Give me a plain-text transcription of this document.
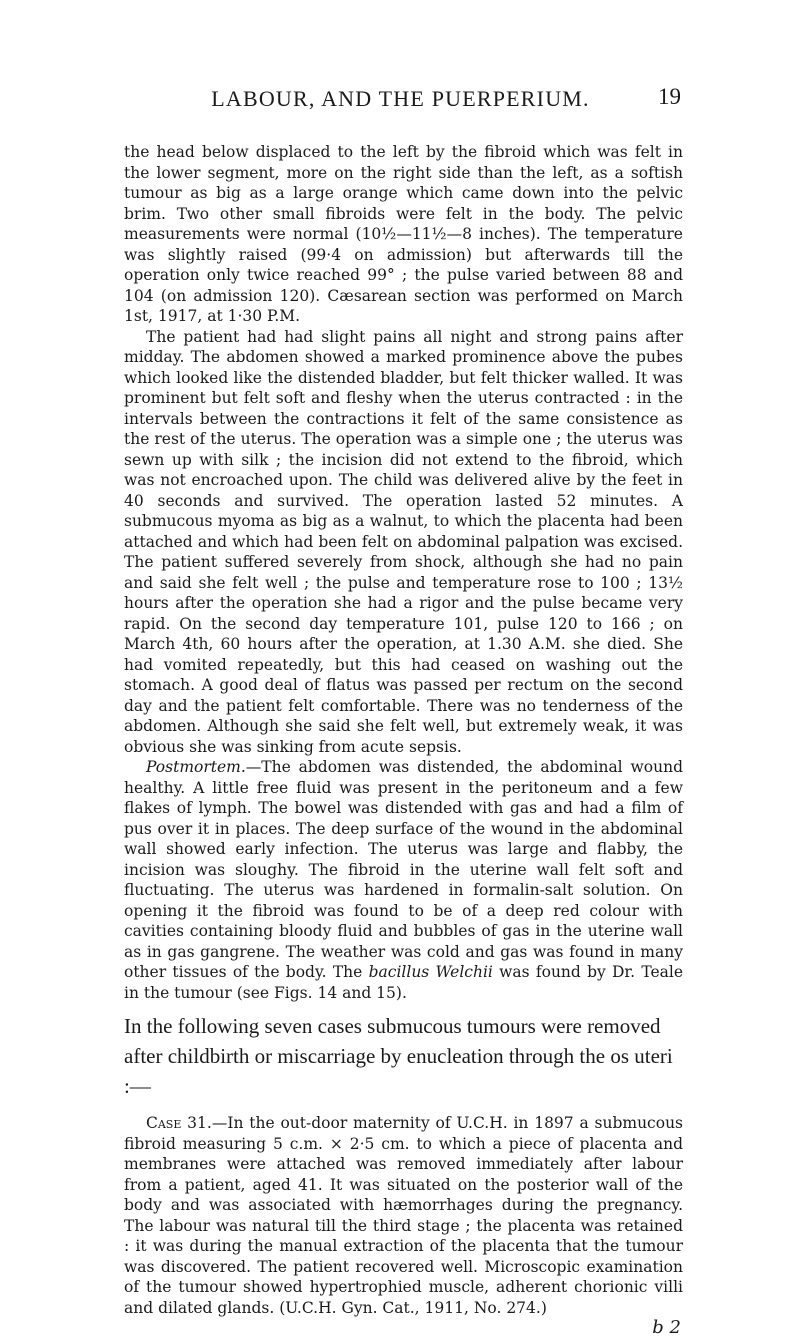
LABOUR, AND THE PUERPERIUM.	19

the head below displaced to the left by the fibroid which was felt in the lower segment, more on the right side than the left, as a softish tumour as big as a large orange which came down into the pelvic brim. Two other small fibroids were felt in the body. The pelvic measurements were normal (10½—11½—8 inches). The temperature was slightly raised (99·4 on admission) but afterwards till the operation only twice reached 99° ; the pulse varied between 88 and 104 (on admission 120). Cæsarean section was performed on March 1st, 1917, at 1·30 P.M.

The patient had had slight pains all night and strong pains after midday. The abdomen showed a marked prominence above the pubes which looked like the distended bladder, but felt thicker walled. It was prominent but felt soft and fleshy when the uterus contracted : in the intervals between the contractions it felt of the same consistence as the rest of the uterus. The operation was a simple one ; the uterus was sewn up with silk ; the incision did not extend to the fibroid, which was not encroached upon. The child was delivered alive by the feet in 40 seconds and survived. The operation lasted 52 minutes. A submucous myoma as big as a walnut, to which the placenta had been attached and which had been felt on abdominal palpation was excised. The patient suffered severely from shock, although she had no pain and said she felt well ; the pulse and temperature rose to 100 ; 13½ hours after the operation she had a rigor and the pulse became very rapid. On the second day temperature 101, pulse 120 to 166 ; on March 4th, 60 hours after the operation, at 1.30 A.M. she died. She had vomited repeatedly, but this had ceased on washing out the stomach. A good deal of flatus was passed per rectum on the second day and the patient felt comfortable. There was no tenderness of the abdomen. Although she said she felt well, but extremely weak, it was obvious she was sinking from acute sepsis.

Postmortem.—The abdomen was distended, the abdominal wound healthy. A little free fluid was present in the peritoneum and a few flakes of lymph. The bowel was distended with gas and had a film of pus over it in places. The deep surface of the wound in the abdominal wall showed early infection. The uterus was large and flabby, the incision was sloughy. The fibroid in the uterine wall felt soft and fluctuating. The uterus was hardened in formalin-salt solution. On opening it the fibroid was found to be of a deep red colour with cavities containing bloody fluid and bubbles of gas in the uterine wall as in gas gangrene. The weather was cold and gas was found in many other tissues of the body. The bacillus Welchii was found by Dr. Teale in the tumour (see Figs. 14 and 15).

In the following seven cases submucous tumours were removed after childbirth or miscarriage by enucleation through the os uteri :—

Case 31.—In the out-door maternity of U.C.H. in 1897 a submucous fibroid measuring 5 c.m. × 2·5 cm. to which a piece of placenta and membranes were attached was removed immediately after labour from a patient, aged 41. It was situated on the posterior wall of the body and was associated with hæmorrhages during the pregnancy. The labour was natural till the third stage ; the placenta was retained : it was during the manual extraction of the placenta that the tumour was discovered. The patient recovered well. Microscopic examination of the tumour showed hypertrophied muscle, adherent chorionic villi and dilated glands. (U.C.H. Gyn. Cat., 1911, No. 274.)

b 2
